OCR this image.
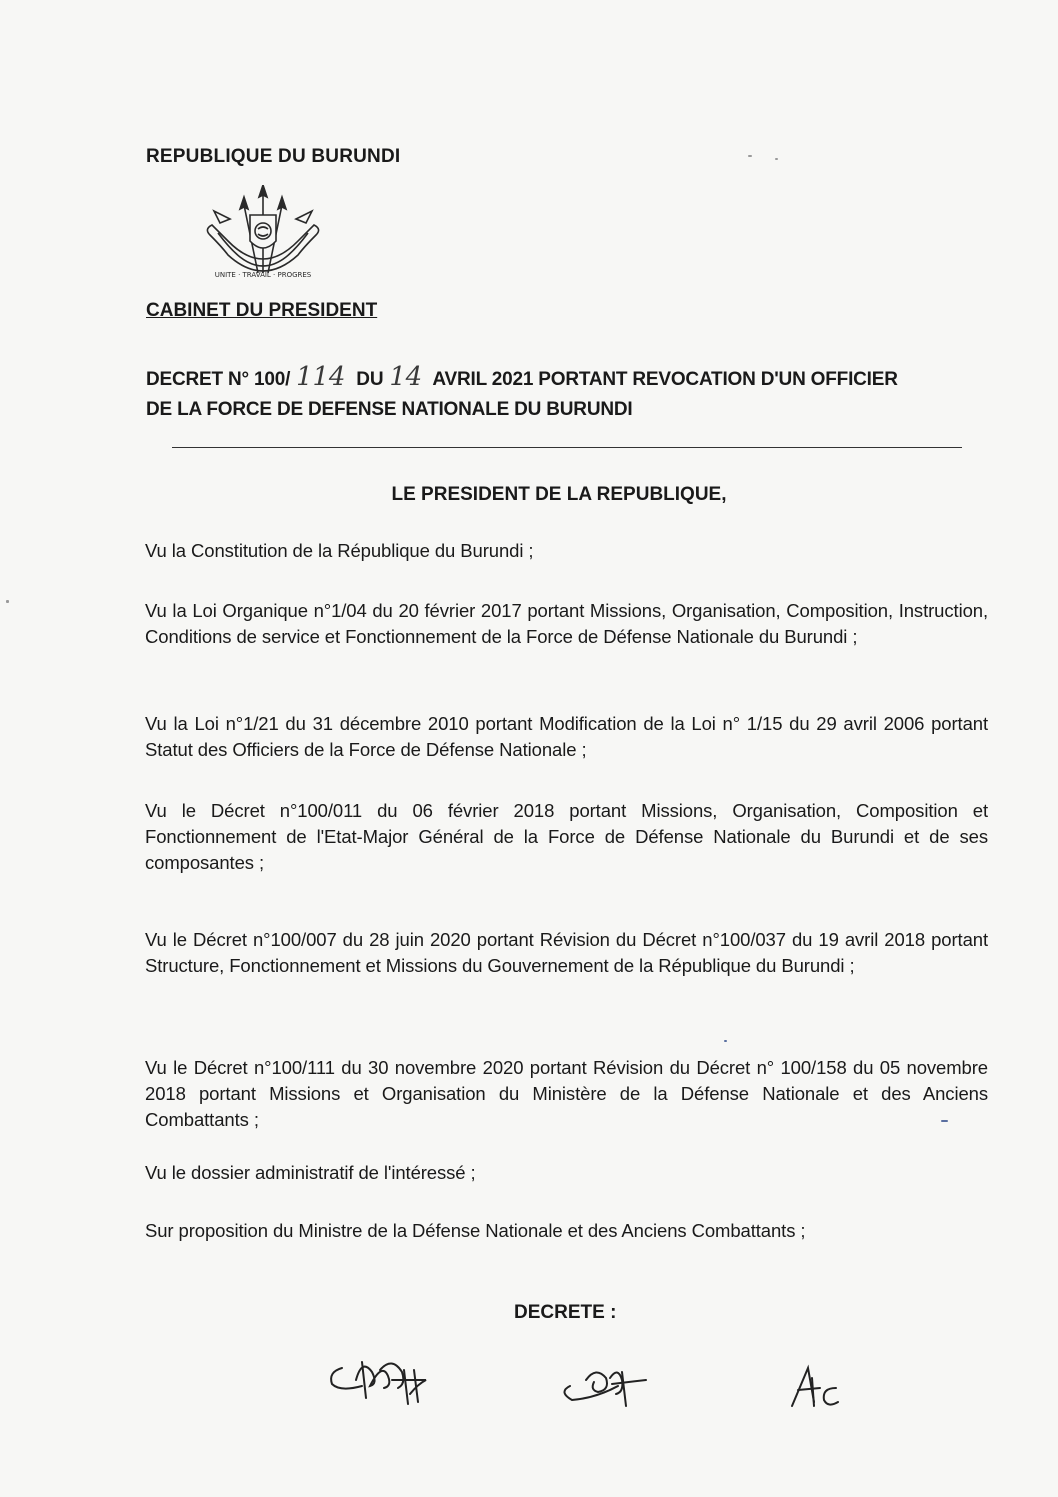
REPUBLIQUE DU BURUNDI
UNITE · TRAVAIL · PROGRES
CABINET DU PRESIDENT
DECRET N° 100/ 114 DU 14 AVRIL 2021 PORTANT REVOCATION D'UN OFFICIER
DE LA FORCE DE DEFENSE NATIONALE DU BURUNDI
LE PRESIDENT DE LA REPUBLIQUE,
Vu la Constitution de la République du Burundi ;
Vu la Loi Organique n°1/04 du 20 février 2017 portant Missions, Organisation, Composition, Instruction, Conditions de service et Fonctionnement de la Force de Défense Nationale du Burundi ;
Vu la Loi n°1/21 du 31 décembre 2010 portant Modification de la Loi n° 1/15 du 29 avril 2006 portant Statut des Officiers de la Force de Défense Nationale ;
Vu le Décret n°100/011 du 06 février 2018 portant Missions, Organisation, Composition et Fonctionnement de l'Etat-Major Général de la Force de Défense Nationale du Burundi et de ses composantes ;
Vu le Décret n°100/007 du 28 juin 2020 portant Révision du Décret n°100/037 du 19 avril 2018 portant Structure, Fonctionnement et Missions du Gouvernement de la République du Burundi ;
Vu le Décret n°100/111 du 30 novembre 2020 portant Révision du Décret n° 100/158 du 05 novembre 2018 portant Missions et Organisation du Ministère de la Défense Nationale et des Anciens Combattants ;
Vu le dossier administratif de l'intéressé ;
Sur proposition du Ministre de la Défense Nationale et des Anciens Combattants ;
DECRETE :
